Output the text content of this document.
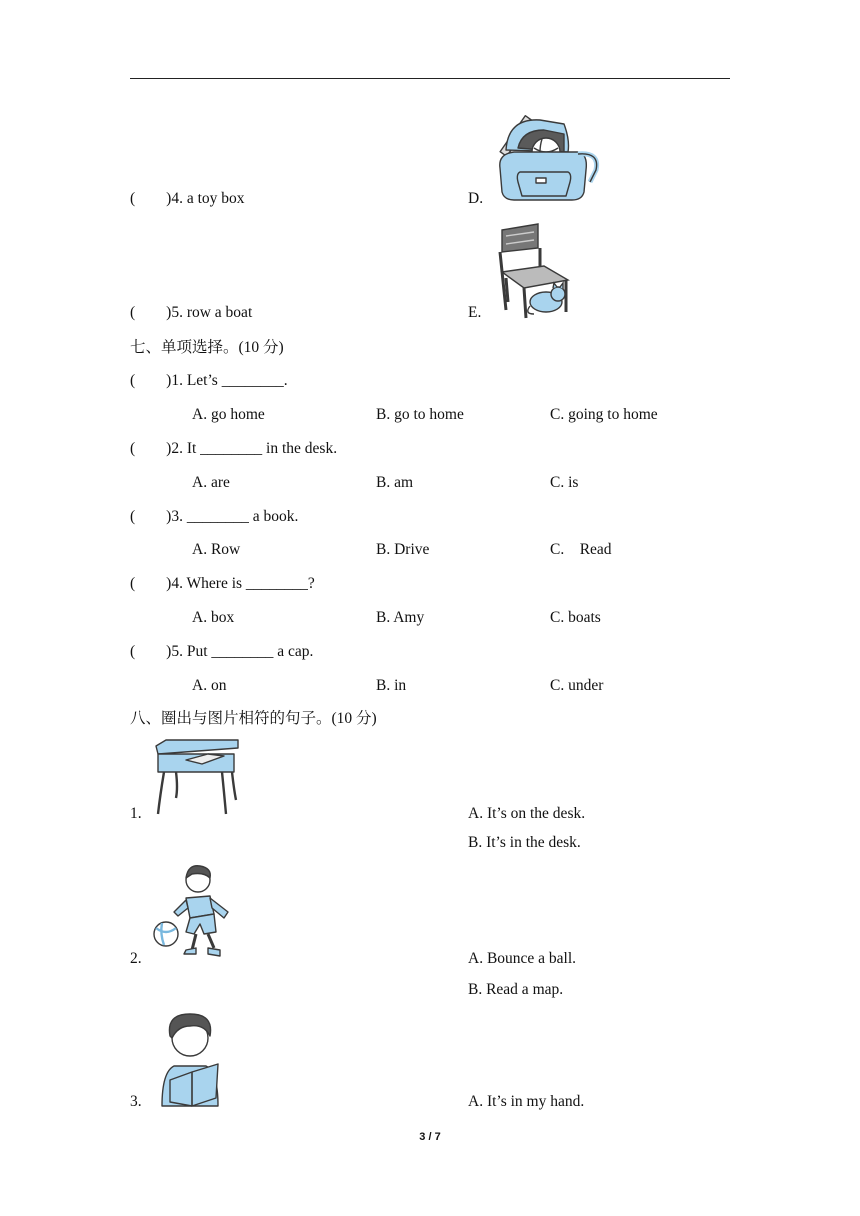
(        )4. a toy box	D.
(        )5. row a boat	E.
七、单项选择。(10 分)
(        )1. Let’s ________.
A. go home	B. go to home	C. going to home
(        )2. It ________ in the desk.
A. are	B. am	C. is
(        )3. ________ a book.
A. Row	B. Drive	C.    Read
(        )4. Where is ________?
A. box	B. Amy	C. boats
(        )5. Put ________ a cap.
A. on	B. in	C. under
八、圈出与图片相符的句子。(10 分)
1.	A. It’s on the desk.
B. It’s in the desk.
2.	A. Bounce a ball.
B. Read a map.
3.	A. It’s in my hand.
3 / 7
